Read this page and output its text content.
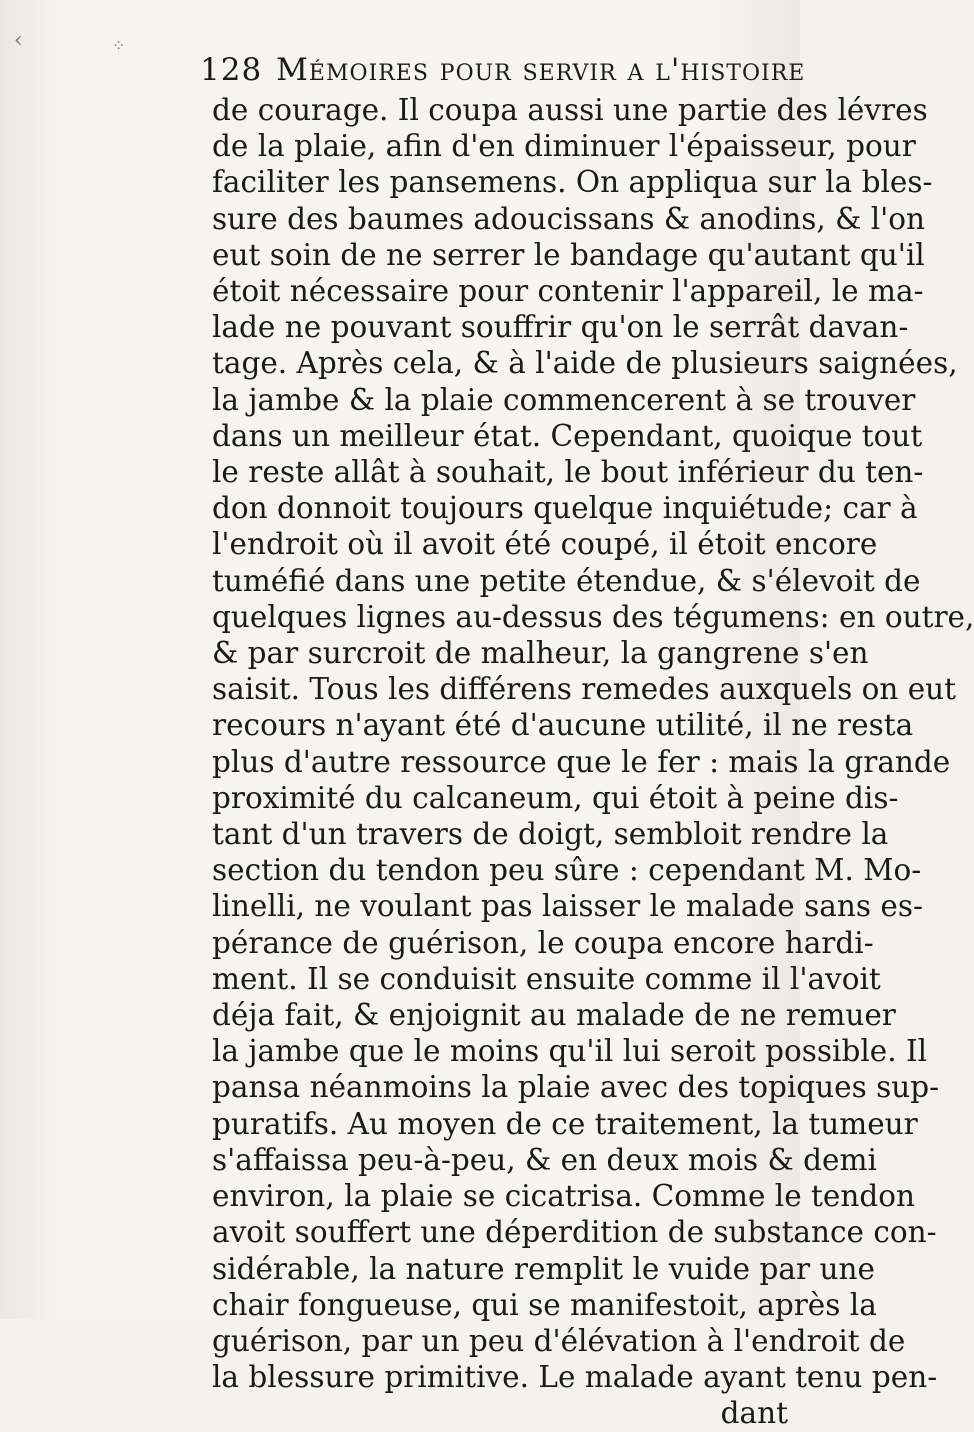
‹	⁘
128 Mémoires pour servir a l'histoire
de courage. Il coupa aussi une partie des lévres
de la plaie, afin d'en diminuer l'épaisseur, pour
faciliter les pansemens. On appliqua sur la bles-
sure des baumes adoucissans & anodins, & l'on
eut soin de ne serrer le bandage qu'autant qu'il
étoit nécessaire pour contenir l'appareil, le ma-
lade ne pouvant souffrir qu'on le serrât davan-
tage. Après cela, & à l'aide de plusieurs saignées,
la jambe & la plaie commencerent à se trouver
dans un meilleur état. Cependant, quoique tout
le reste allât à souhait, le bout inférieur du ten-
don donnoit toujours quelque inquiétude; car à
l'endroit où il avoit été coupé, il étoit encore
tuméfié dans une petite étendue, & s'élevoit de
quelques lignes au-dessus des tégumens: en outre,
& par surcroit de malheur, la gangrene s'en
saisit. Tous les différens remedes auxquels on eut
recours n'ayant été d'aucune utilité, il ne resta
plus d'autre ressource que le fer : mais la grande
proximité du calcaneum, qui étoit à peine dis-
tant d'un travers de doigt, sembloit rendre la
section du tendon peu sûre : cependant M. Mo-
linelli, ne voulant pas laisser le malade sans es-
pérance de guérison, le coupa encore hardi-
ment. Il se conduisit ensuite comme il l'avoit
déja fait, & enjoignit au malade de ne remuer
la jambe que le moins qu'il lui seroit possible. Il
pansa néanmoins la plaie avec des topiques sup-
puratifs. Au moyen de ce traitement, la tumeur
s'affaissa peu-à-peu, & en deux mois & demi
environ, la plaie se cicatrisa. Comme le tendon
avoit souffert une déperdition de substance con-
sidérable, la nature remplit le vuide par une
chair fongueuse, qui se manifestoit, après la
guérison, par un peu d'élévation à l'endroit de
la blessure primitive. Le malade ayant tenu pen-
dant
